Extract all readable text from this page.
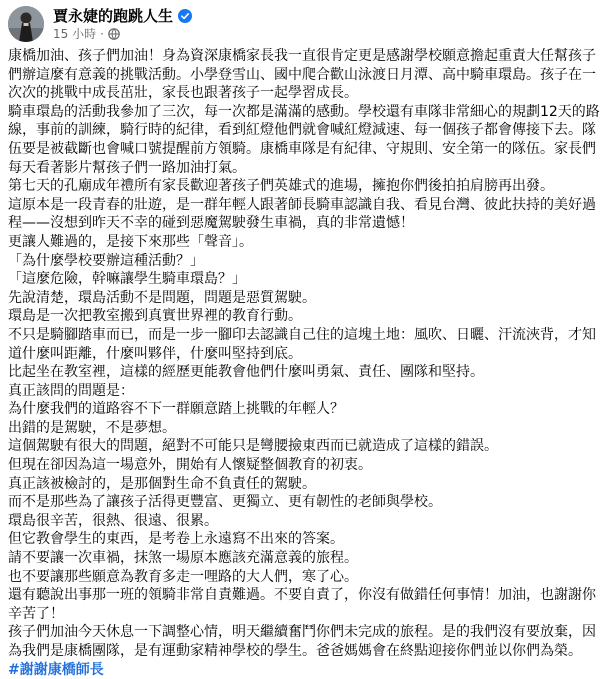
賈永婕的跑跳人生
15 小時 ·

康橋加油、孩子們加油！身為資深康橋家長我一直很肯定更是感謝學校願意擔起重責大任幫孩子們辦這麼有意義的挑戰活動。小學登雪山、國中爬合歡山泳渡日月潭、高中騎車環島。孩子在一次次的挑戰中成長茁壯，家長也跟著孩子一起學習成長。

騎車環島的活動我參加了三次，每一次都是滿滿的感動。學校還有車隊非常細心的規劃12天的路線，事前的訓練，騎行時的紀律，看到紅燈他們就會喊紅燈減速、每一個孩子都會傳接下去。隊伍要是被截斷也會喊口號提醒前方領騎。康橋車隊是有紀律、守規則、安全第一的隊伍。家長們每天看著影片幫孩子們一路加油打氣。

第七天的孔廟成年禮所有家長歡迎著孩子們英雄式的進場，擁抱你們後拍拍肩膀再出發。

這原本是一段青春的壯遊，是一群年輕人跟著師長騎車認識自我、看見台灣、彼此扶持的美好過程——沒想到昨天不幸的碰到惡魔駕駛發生車禍，真的非常遺憾！

更讓人難過的，是接下來那些「聲音」。

「為什麼學校要辦這種活動？」

「這麼危險，幹嘛讓學生騎車環島？」

先說清楚，環島活動不是問題，問題是惡質駕駛。

環島是一次把教室搬到真實世界裡的教育行動。

不只是騎腳踏車而已，而是一步一腳印去認識自己住的這塊土地：風吹、日曬、汗流浹背，才知道什麼叫距離，什麼叫夥伴，什麼叫堅持到底。

比起坐在教室裡，這樣的經歷更能教會他們什麼叫勇氣、責任、團隊和堅持。

真正該問的問題是：

為什麼我們的道路容不下一群願意踏上挑戰的年輕人？

出錯的是駕駛，不是夢想。

這個駕駛有很大的問題，絕對不可能只是彎腰撿東西而已就造成了這樣的錯誤。

但現在卻因為這一場意外，開始有人懷疑整個教育的初衷。

真正該被檢討的，是那個對生命不負責任的駕駛。

而不是那些為了讓孩子活得更豐富、更獨立、更有韌性的老師與學校。

環島很辛苦，很熱、很遠、很累。

但它教會學生的東西，是考卷上永遠寫不出來的答案。

請不要讓一次車禍，抹煞一場原本應該充滿意義的旅程。

也不要讓那些願意為教育多走一哩路的大人們，寒了心。

還有聽說出事那一班的領騎非常自責難過。不要自責了，你沒有做錯任何事情！加油，也謝謝你辛苦了！

孩子們加油今天休息一下調整心情，明天繼續奮鬥你們未完成的旅程。是的我們沒有要放棄，因為我們是康橋團隊，是有運動家精神學校的學生。爸爸媽媽會在終點迎接你們並以你們為榮。

#謝謝康橋師長
